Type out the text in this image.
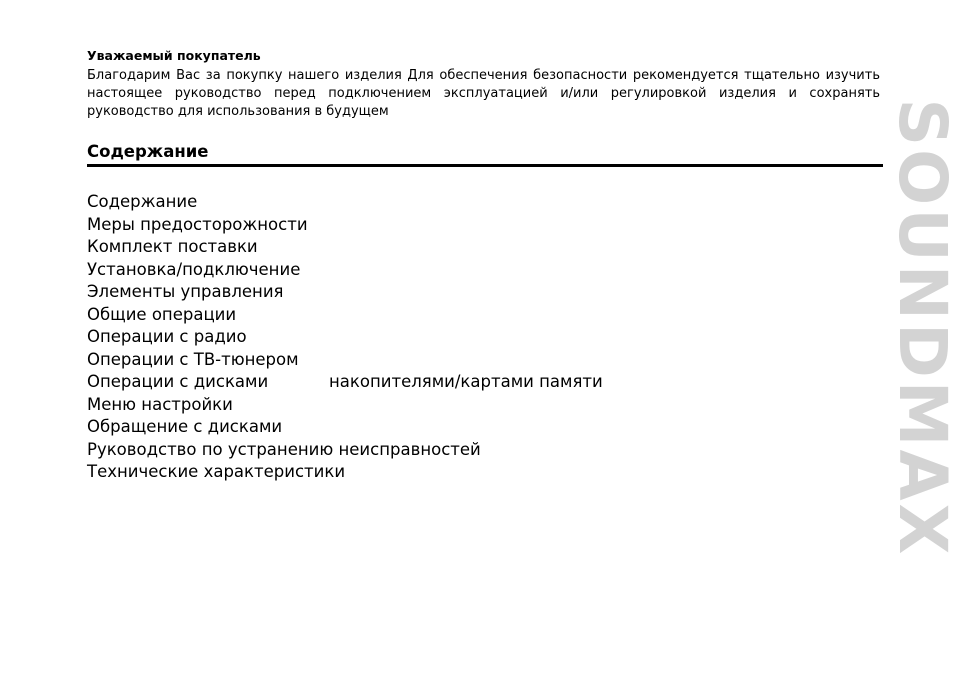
Уважаемый покупатель

Благодарим Вас за покупку нашего изделия Для обеспечения безопасности рекомендуется тщательно изучить настоящее руководство перед подключением эксплуатацией и/или регулировкой изделия и сохранять руководство для использования в будущем

Содержание
Содержание
Меры предосторожности
Комплект поставки
Установка/подключение
Элементы управления
Общие операции
Операции с радио
Операции с ТВ-тюнером
Операции с дисками	накопителями/картами памяти
Меню настройки
Обращение с дисками
Руководство по устранению неисправностей
Технические характеристики	SOUNDMAX
